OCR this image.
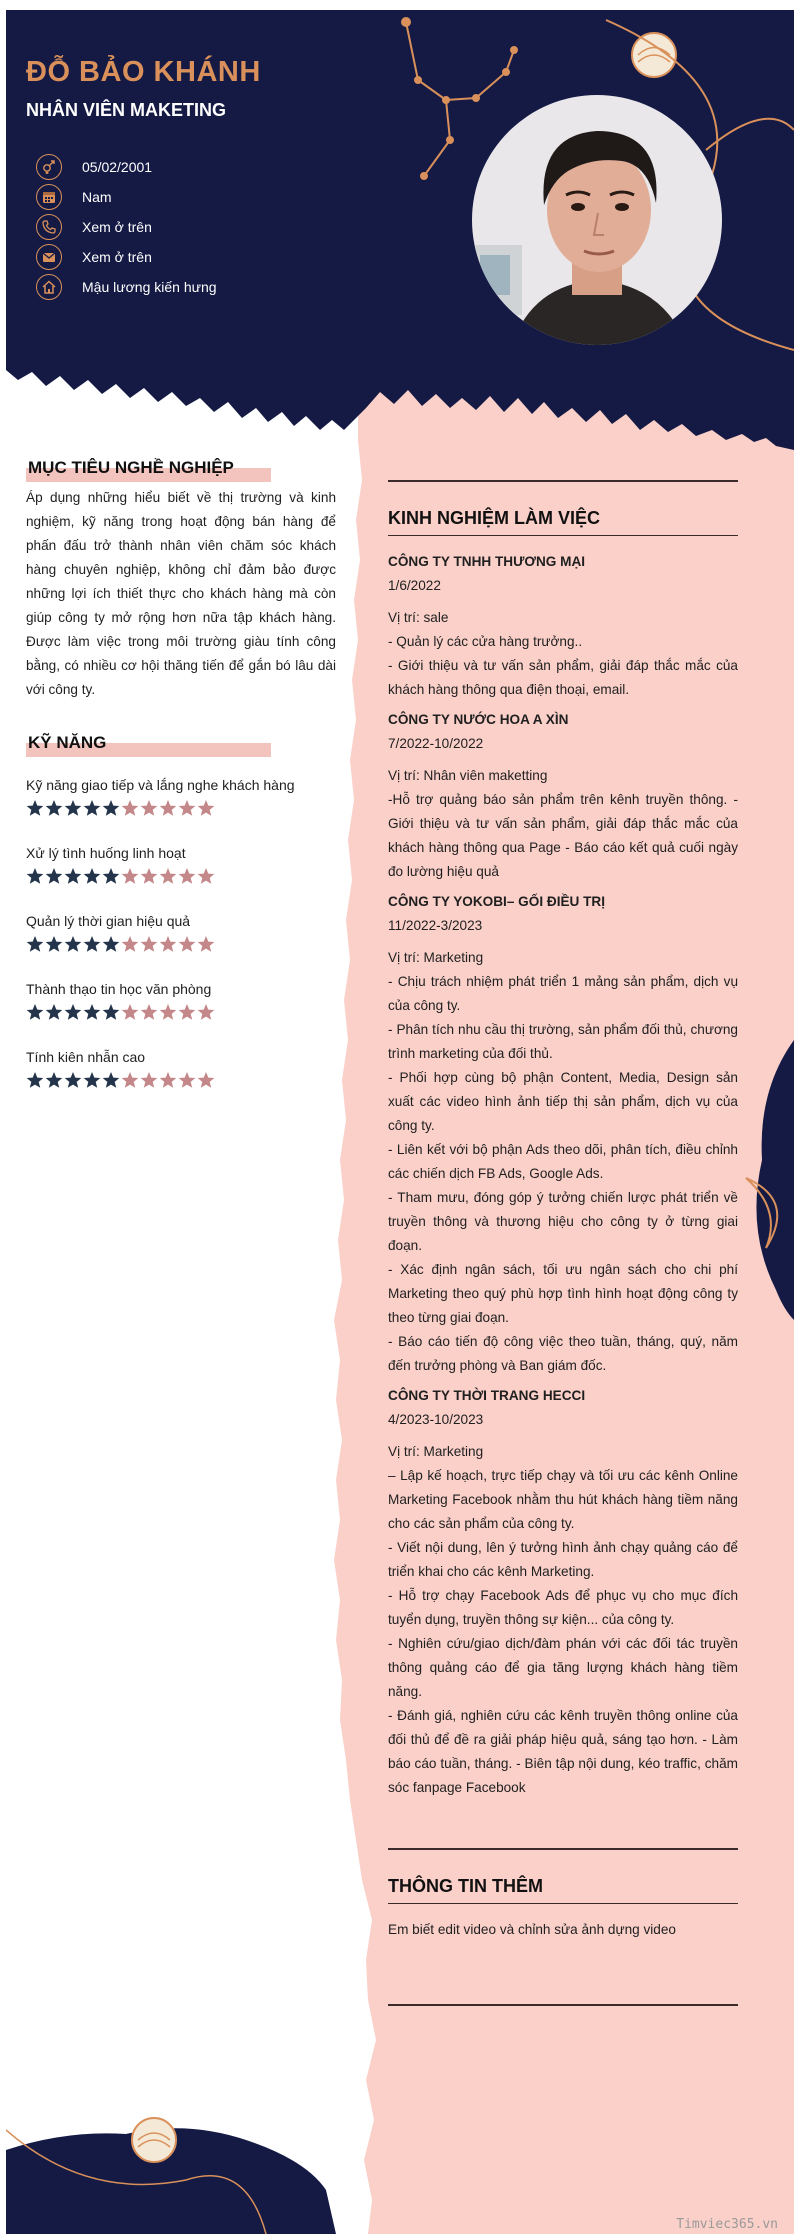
ĐỖ BẢO KHÁNH
NHÂN VIÊN MAKETING
05/02/2001
Nam
Xem ở trên
Xem ở trên
Mậu lương kiến hưng
MỤC TIÊU NGHỀ NGHIỆP

Áp dụng những hiểu biết về thị trường và kinh nghiệm, kỹ năng trong hoạt động bán hàng để phấn đấu trở thành nhân viên chăm sóc khách hàng chuyên nghiệp, không chỉ đảm bảo được những lợi ích thiết thực cho khách hàng mà còn giúp công ty mở rộng hơn nữa tập khách hàng. Được làm việc trong môi trường giàu tính công bằng, có nhiều cơ hội thăng tiến để gắn bó lâu dài với công ty.

KỸ NĂNG

Kỹ năng giao tiếp và lắng nghe khách hàng

Xử lý tình huống linh hoạt

Quản lý thời gian hiệu quả

Thành thạo tin học văn phòng

Tính kiên nhẫn cao

KINH NGHIỆM LÀM VIỆC

CÔNG TY TNHH THƯƠNG MẠI

1/6/2022

Vị trí: sale

- Quản lý các cửa hàng trưởng..

- Giới thiệu và tư vấn sản phẩm, giải đáp thắc mắc của khách hàng thông qua điện thoại, email.

CÔNG TY NƯỚC HOA A XÌN

7/2022-10/2022

Vị trí: Nhân viên maketting

-Hỗ trợ quảng báo sản phẩm trên kênh truyền thông. - Giới thiệu và tư vấn sản phẩm, giải đáp thắc mắc của khách hàng thông qua Page - Báo cáo kết quả cuối ngày đo lường hiệu quả

CÔNG TY YOKOBI– GỐI ĐIỀU TRỊ

11/2022-3/2023

Vị trí: Marketing

- Chịu trách nhiệm phát triển 1 mảng sản phẩm, dịch vụ của công ty.

- Phân tích nhu cầu thị trường, sản phẩm đối thủ, chương trình marketing của đối thủ.

- Phối hợp cùng bộ phận Content, Media, Design sản xuất các video hình ảnh tiếp thị sản phẩm, dịch vụ của công ty.

- Liên kết với bộ phận Ads theo dõi, phân tích, điều chỉnh các chiến dịch FB Ads, Google Ads.

- Tham mưu, đóng góp ý tưởng chiến lược phát triển về truyền thông và thương hiệu cho công ty ở từng giai đoạn.

- Xác định ngân sách, tối ưu ngân sách cho chi phí Marketing theo quý phù hợp tình hình hoạt động công ty theo từng giai đoạn.

- Báo cáo tiến độ công việc theo tuần, tháng, quý, năm đến trưởng phòng và Ban giám đốc.

CÔNG TY THỜI TRANG HECCI

4/2023-10/2023

Vị trí: Marketing

– Lập kế hoạch, trực tiếp chạy và tối ưu các kênh Online Marketing Facebook nhằm thu hút khách hàng tiềm năng cho các sản phẩm của công ty.

- Viết nội dung, lên ý tưởng hình ảnh chạy quảng cáo để triển khai cho các kênh Marketing.

- Hỗ trợ chạy Facebook Ads để phục vụ cho mục đích tuyển dụng, truyền thông sự kiện... của công ty.

- Nghiên cứu/giao dịch/đàm phán với các đối tác truyền thông quảng cáo để gia tăng lượng khách hàng tiềm năng.

- Đánh giá, nghiên cứu các kênh truyền thông online của đối thủ để đề ra giải pháp hiệu quả, sáng tạo hơn. - Làm báo cáo tuần, tháng. - Biên tập nội dung, kéo traffic, chăm sóc fanpage Facebook

THÔNG TIN THÊM

Em biết edit video và chỉnh sửa ảnh dựng video

Timviec365.vn
